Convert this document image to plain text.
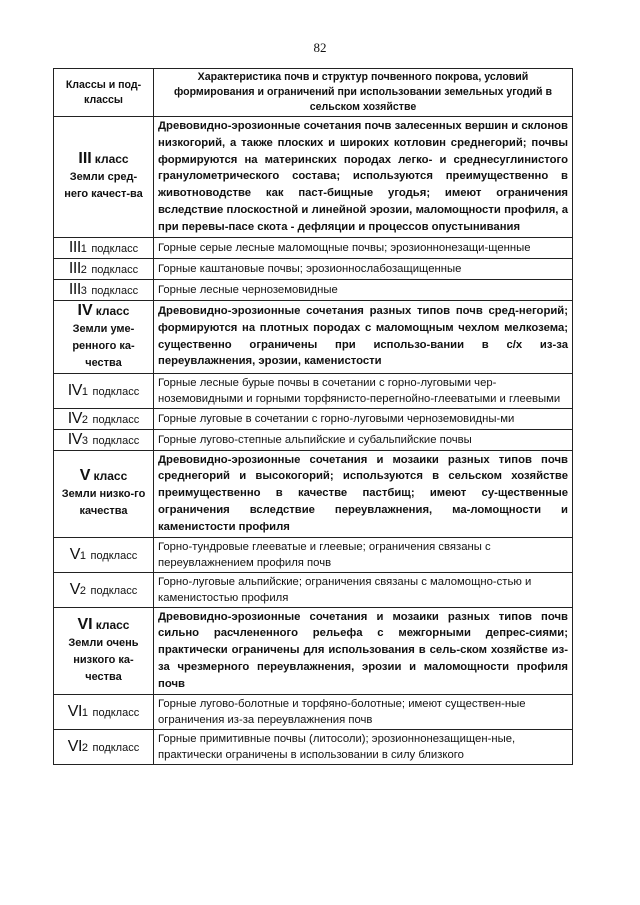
82
Классы и под-классы	Характеристика почв и структур почвенного покрова, условий формирования и ограничений при использовании земельных угодий в сельском хозяйстве

III класс
Земли сред-него качест-ва	Древовидно-эрозионные сочетания почв залесенных вершин и склонов низкогорий, а также плоских и широких котловин среднегорий; почвы формируются на материнских породах легко- и среднесуглинистого гранулометрического состава; используются преимущественно в животноводстве как паст-бищные угодья; имеют ограничения вследствие плоскостной и линейной эрозии, маломощности профиля, а при перевы-пасе скота - дефляции и процессов опустынивания
III1 подкласс	Горные серые лесные маломощные почвы; эрозионнонезащи-щенные
III2 подкласс	Горные каштановые почвы; эрозионнослабозащищенные
III3 подкласс	Горные лесные черноземовидные

IV класс
Земли уме-ренного ка-чества	Древовидно-эрозионные сочетания разных типов почв сред-негорий; формируются на плотных породах с маломощным чехлом мелкозема; существенно ограничены при использо-вании в с/х из-за переувлажнения, эрозии, каменистости
IV1 подкласс	Горные лесные бурые почвы в сочетании с горно-луговыми чер-ноземовидными и горными торфянисто-перегнойно-глееватыми и глеевыми
IV2 подкласс	Горные луговые в сочетании с горно-луговыми черноземовидны-ми
IV3 подкласс	Горные лугово-степные альпийские и субальпийские почвы

V класс
Земли низко-го качества	Древовидно-эрозионные сочетания и мозаики разных типов почв среднегорий и высокогорий; используются в сельском хозяйстве преимущественно в качестве пастбищ; имеют су-щественные ограничения вследствие переувлажнения, ма-ломощности и каменистости профиля
V1 подкласс	Горно-тундровые глееватые и глеевые; ограничения связаны с переувлажнением профиля почв
V2 подкласс	Горно-луговые альпийские; ограничения связаны с маломощно-стью и каменистостью профиля

VI класс
Земли очень низкого ка-чества	Древовидно-эрозионные сочетания и мозаики разных типов почв сильно расчлененного рельефа с межгорными депрес-сиями; практически ограничены для использования в сель-ском хозяйстве из-за чрезмерного переувлажнения, эрозии и маломощности профиля почв
VI1 подкласс	Горные лугово-болотные и торфяно-болотные; имеют существен-ные ограничения из-за переувлажнения почв
VI2 подкласс	Горные примитивные почвы (литосоли); эрозионнонезащищен-ные, практически ограничены в использовании в силу близкого
